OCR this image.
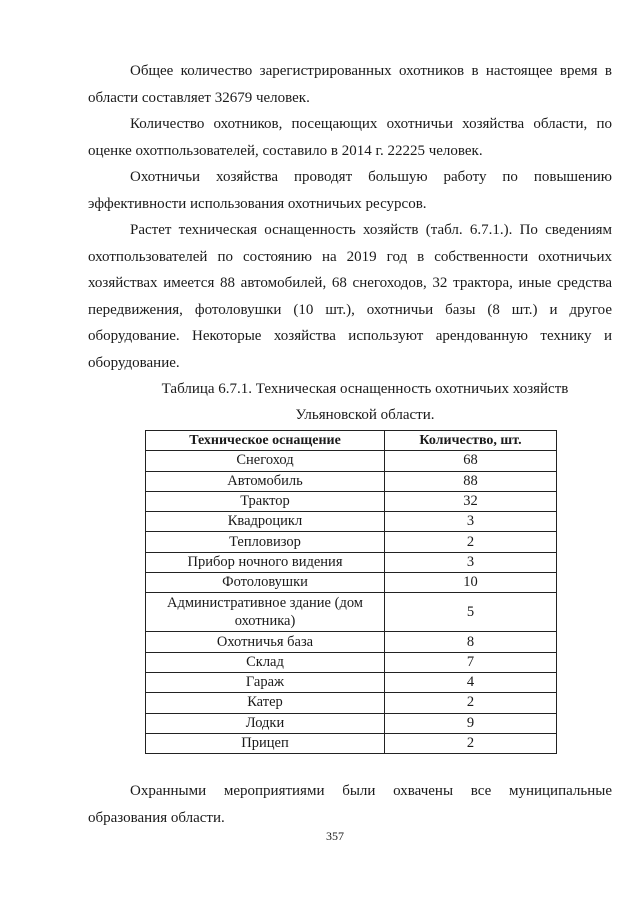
Общее количество зарегистрированных охотников в настоящее время в области составляет 32679 человек.

Количество охотников, посещающих охотничьи хозяйства области, по оценке охотпользователей, составило в 2014 г. 22225 человек.

Охотничьи хозяйства проводят большую работу по повышению эффективности использования охотничьих ресурсов.

Растет техническая оснащенность хозяйств (табл. 6.7.1.). По сведениям охотпользователей по состоянию на 2019 год в собственности охотничьих хозяйствах имеется 88 автомобилей, 68 снегоходов, 32 трактора, иные средства передвижения, фотоловушки (10 шт.), охотничьи базы (8 шт.) и другое оборудование. Некоторые хозяйства используют арендованную технику и оборудование.

Таблица 6.7.1. Техническая оснащенность охотничьих хозяйств

Ульяновской области.

Техническое оснащение	Количество, шт.
Снегоход	68
Автомобиль	88
Трактор	32
Квадроцикл	3
Тепловизор	2
Прибор ночного видения	3
Фотоловушки	10
Административное здание (дом охотника)	5
Охотничья база	8
Склад	7
Гараж	4
Катер	2
Лодки	9
Прицеп	2

Охранными мероприятиями были охвачены все муниципальные образования области.

357
